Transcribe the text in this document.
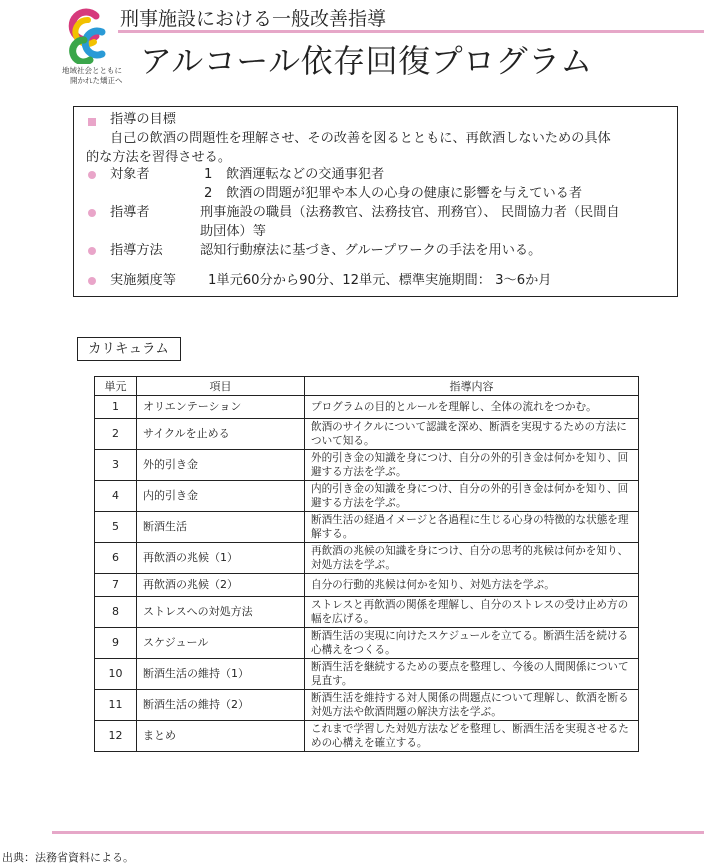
地域社会とともに
開かれた矯正へ
刑事施設における一般改善指導
アルコール依存回復プログラム
指導の目標
自己の飲酒の問題性を理解させ、その改善を図るとともに、再飲酒しないための具体
的な方法を習得させる。
対象者	1 飲酒運転などの交通事犯者
2 飲酒の問題が犯罪や本人の心身の健康に影響を与えている者
指導者	刑事施設の職員（法務教官、法務技官、刑務官）、 民間協力者（民間自
助団体）等
指導方法	認知行動療法に基づき、グループワークの手法を用いる。
実施頻度等 1単元60分から90分、12単元、標準実施期間： 3～6か月
カリキュラム
単元	項目	指導内容
1	オリエンテーション	プログラムの目的とルールを理解し、全体の流れをつかむ。
2	サイクルを止める	飲酒のサイクルについて認識を深め、断酒を実現するための方法について知る。
3	外的引き金	外的引き金の知識を身につけ、自分の外的引き金は何かを知り、回避する方法を学ぶ。
4	内的引き金	内的引き金の知識を身につけ、自分の外的引き金は何かを知り、回避する方法を学ぶ。
5	断酒生活	断酒生活の経過イメージと各過程に生じる心身の特徴的な状態を理解する。
6	再飲酒の兆候（1）	再飲酒の兆候の知識を身につけ、自分の思考的兆候は何かを知り、対処方法を学ぶ。
7	再飲酒の兆候（2）	自分の行動的兆候は何かを知り、対処方法を学ぶ。
8	ストレスへの対処方法	ストレスと再飲酒の関係を理解し、自分のストレスの受け止め方の幅を広げる。
9	スケジュール	断酒生活の実現に向けたスケジュールを立てる。断酒生活を続ける心構えをつくる。
10	断酒生活の維持（1）	断酒生活を継続するための要点を整理し、今後の人間関係について見直す。
11	断酒生活の維持（2）	断酒生活を維持する対人関係の問題点について理解し、飲酒を断る対処方法や飲酒問題の解決方法を学ぶ。
12	まとめ	これまで学習した対処方法などを整理し、断酒生活を実現させるための心構えを確立する。
出典：法務省資料による。
